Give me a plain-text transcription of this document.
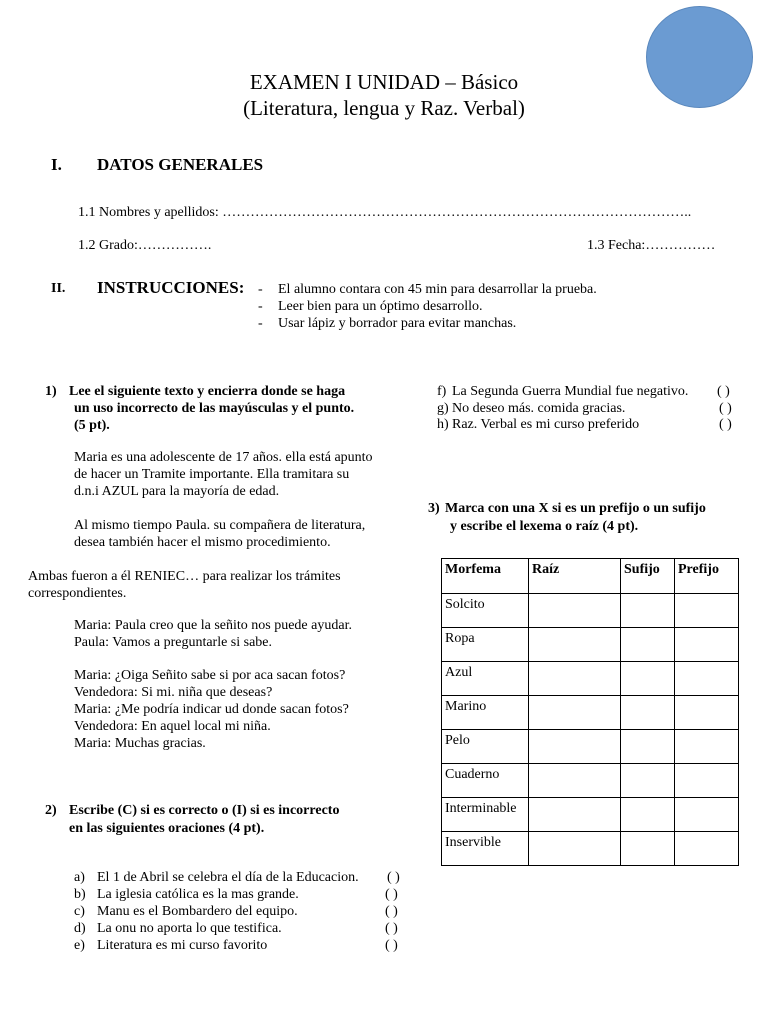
EXAMEN I UNIDAD – Básico
(Literatura, lengua y Raz. Verbal)
I. DATOS GENERALES
1.1 Nombres y apellidos: ………………………………………………………………………………………..
1.2 Grado:…………….	1.3 Fecha:……………
II. INSTRUCCIONES: - El alumno contara con 45 min para desarrollar la prueba.
- Leer bien para un óptimo desarrollo.
- Usar lápiz y borrador para evitar manchas.
1) Lee el siguiente texto y encierra donde se haga
un uso incorrecto de las mayúsculas y el punto.
(5 pt).
Maria es una adolescente de 17 años. ella está apunto
de hacer un Tramite importante. Ella tramitara su
d.n.i AZUL para la mayoría de edad.
Al mismo tiempo Paula. su compañera de literatura,
desea también hacer el mismo procedimiento.
Ambas fueron a él RENIEC… para realizar los trámites
correspondientes.
Maria: Paula creo que la señito nos puede ayudar.
Paula: Vamos a preguntarle si sabe.
Maria: ¿Oiga Señito sabe si por aca sacan fotos?
Vendedora: Si mi. niña que deseas?
Maria: ¿Me podría indicar ud donde sacan fotos?
Vendedora: En aquel local mi niña.
Maria: Muchas gracias.
2) Escribe (C) si es correcto o (I) si es incorrecto
en las siguientes oraciones (4 pt).
a) El 1 de Abril se celebra el día de la Educacion. ( )
b) La iglesia católica es la mas grande.	( )
c) Manu es el Bombardero del equipo.	( )
d) La onu no aporta lo que testifica.	( )
e) Literatura es mi curso favorito	( )
f) La Segunda Guerra Mundial fue negativo. ( )
g) No deseo más. comida gracias.	( )
h) Raz. Verbal es mi curso preferido	( )
3) Marca con una X si es un prefijo o un sufijo
y escribe el lexema o raíz (4 pt).
Morfema	Raíz	Sufijo	Prefijo
Solcito			
Ropa			
Azul			
Marino			
Pelo			
Cuaderno			
Interminable			
Inservible			
